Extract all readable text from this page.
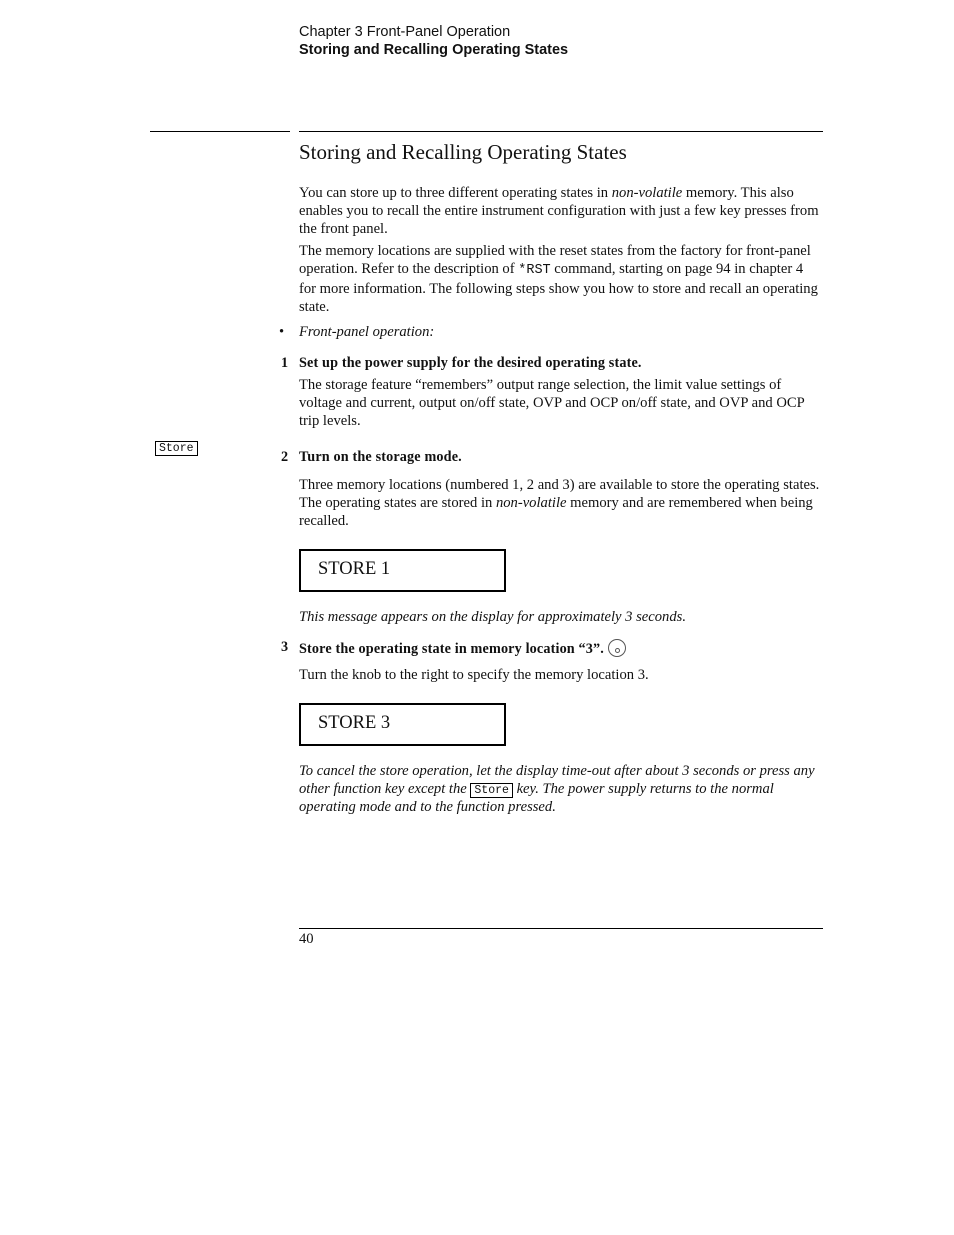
Chapter 3 Front-Panel Operation
Storing and Recalling Operating States
Storing and Recalling Operating States
You can store up to three different operating states in non-volatile memory. This also enables you to recall the entire instrument configuration with just a few key presses from the front panel.
The memory locations are supplied with the reset states from the factory for front-panel operation. Refer to the description of *RST command, starting on page 94 in chapter 4 for more information. The following steps show you how to store and recall an operating state.
• Front-panel operation:
1 Set up the power supply for the desired operating state.
The storage feature “remembers” output range selection, the limit value settings of voltage and current, output on/off state, OVP and OCP on/off state, and OVP and OCP trip levels.
Store
2 Turn on the storage mode.
Three memory locations (numbered 1, 2 and 3) are available to store the operating states. The operating states are stored in non-volatile memory and are remembered when being recalled.
STORE 1
This message appears on the display for approximately 3 seconds.
3 Store the operating state in memory location “3”.
Turn the knob to the right to specify the memory location 3.
STORE 3
To cancel the store operation, let the display time-out after about 3 seconds or press any other function key except the Store key. The power supply returns to the normal operating mode and to the function pressed.
40
